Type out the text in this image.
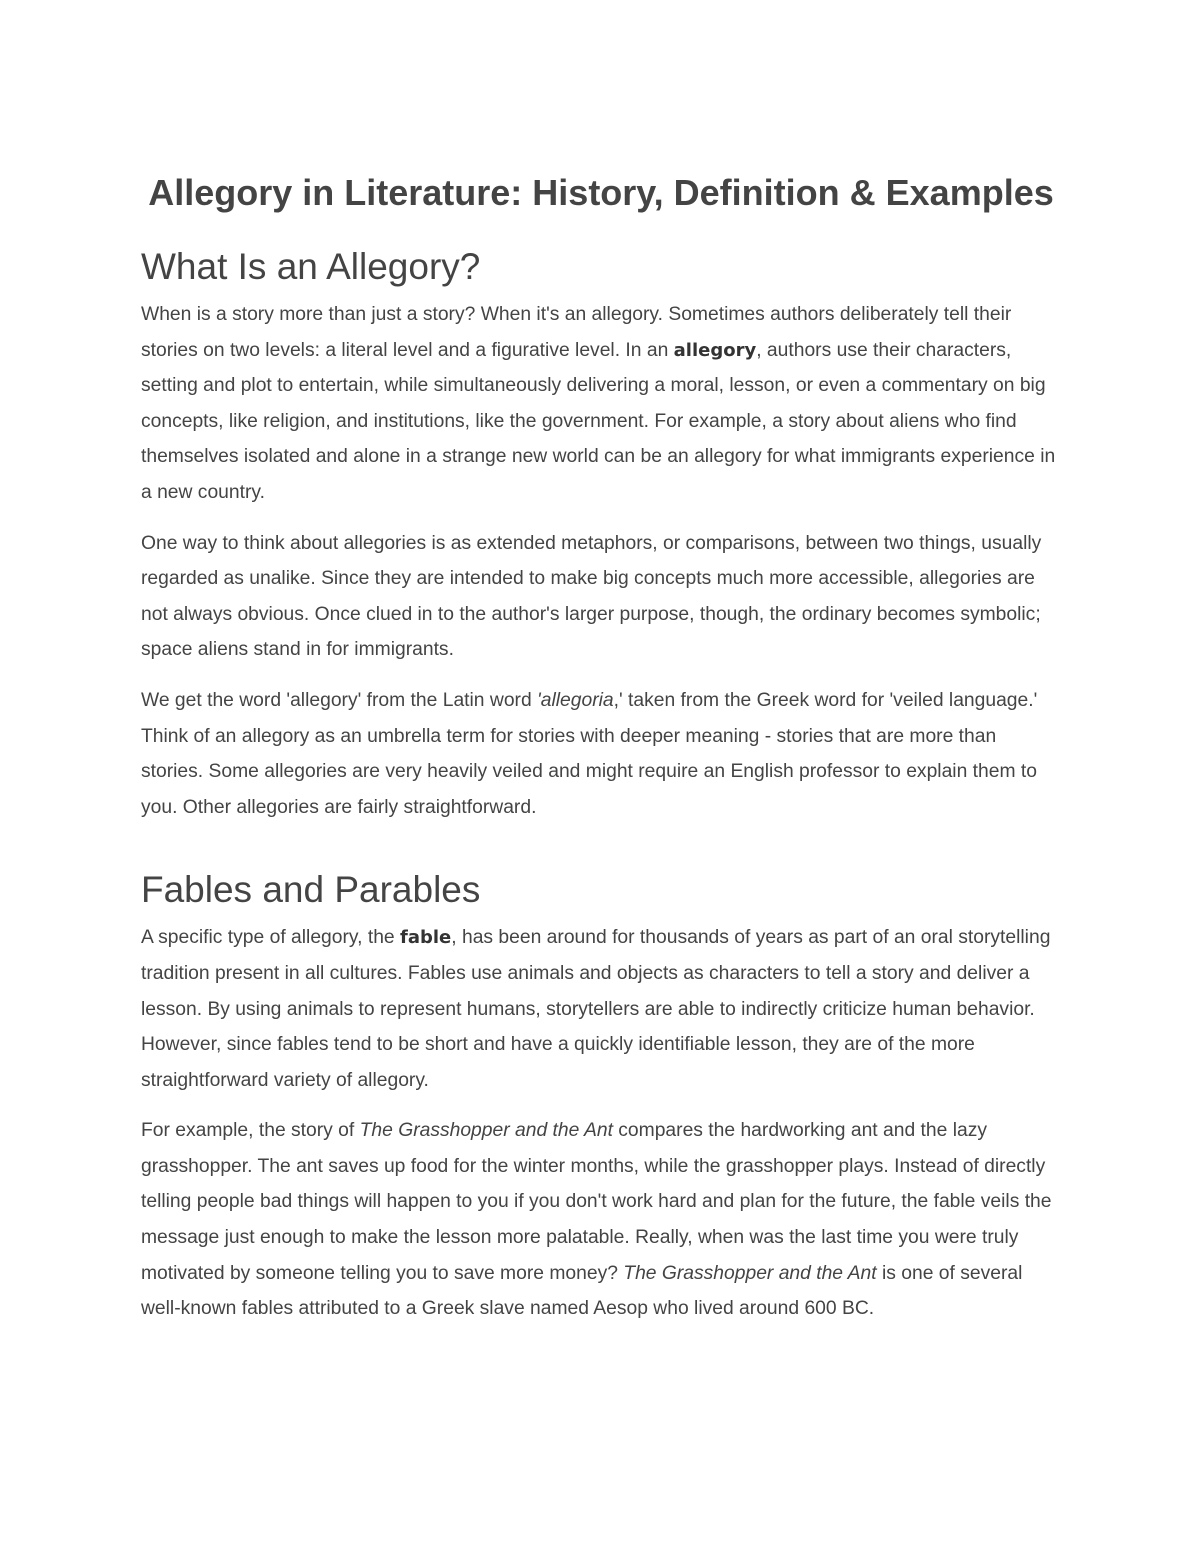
Allegory in Literature: History, Definition & Examples
What Is an Allegory?

When is a story more than just a story? When it's an allegory. Sometimes authors deliberately tell their stories on two levels: a literal level and a figurative level. In an allegory, authors use their characters, setting and plot to entertain, while simultaneously delivering a moral, lesson, or even a commentary on big concepts, like religion, and institutions, like the government. For example, a story about aliens who find themselves isolated and alone in a strange new world can be an allegory for what immigrants experience in a new country.

One way to think about allegories is as extended metaphors, or comparisons, between two things, usually regarded as unalike. Since they are intended to make big concepts much more accessible, allegories are not always obvious. Once clued in to the author's larger purpose, though, the ordinary becomes symbolic; space aliens stand in for immigrants.

We get the word 'allegory' from the Latin word 'allegoria,' taken from the Greek word for 'veiled language.' Think of an allegory as an umbrella term for stories with deeper meaning - stories that are more than stories. Some allegories are very heavily veiled and might require an English professor to explain them to you. Other allegories are fairly straightforward.

Fables and Parables

A specific type of allegory, the fable, has been around for thousands of years as part of an oral storytelling tradition present in all cultures. Fables use animals and objects as characters to tell a story and deliver a lesson. By using animals to represent humans, storytellers are able to indirectly criticize human behavior. However, since fables tend to be short and have a quickly identifiable lesson, they are of the more straightforward variety of allegory.

For example, the story of The Grasshopper and the Ant compares the hardworking ant and the lazy grasshopper. The ant saves up food for the winter months, while the grasshopper plays. Instead of directly telling people bad things will happen to you if you don't work hard and plan for the future, the fable veils the message just enough to make the lesson more palatable. Really, when was the last time you were truly motivated by someone telling you to save more money? The Grasshopper and the Ant is one of several well-known fables attributed to a Greek slave named Aesop who lived around 600 BC.
